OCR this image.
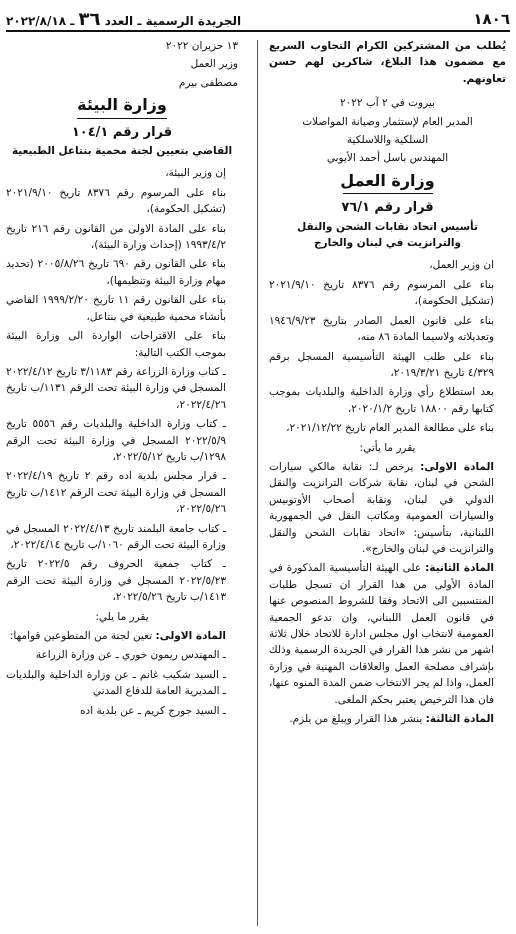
١٨٠٦
الجريدة الرسمية ـ العدد ٣٦ ـ ٢٠٢٢/٨/١٨

يُطلب من المشتركين الكرام التجاوب السريع مع مضمون هذا البلاغ، شاكرين لهم حسن تعاونهم.

بيروت في ٢ آب ٢٠٢٢

المدير العام لإستثمار وصيانة المواصلات

السلكية واللاسلكية

المهندس باسل أحمد الأيوبي

وزارة العمل
قرار رقم ٧٦/١
تأسيس اتحاد نقابات الشحن والنقل والترانزيت في لبنان والخارج

ان وزير العمل،

بناء على المرسوم رقم ٨٣٧٦ تاريخ ٢٠٢١/٩/١٠ (تشكيل الحكومة)،

بناء على قانون العمل الصادر بتاريخ ١٩٤٦/٩/٢٣ وتعديلاته ولاسيما المادة ٨٦ منه،

بناء على طلب الهيئة التأسيسية المسجل برقم ٤/٣٢٩ تاريخ ٢٠١٩/٣/٢١،

بعد استطلاع رأي وزارة الداخلية والبلديات بموجب كتابها رقم ١٨٨٠٠ تاريخ ٢٠٢٠/١/٢،

بناء على مطالعة المدير العام تاريخ ٢٠٢١/١٢/٢٢،

يقرر ما يأتي:

المادة الاولى: يرخص لـ: نقابة مالكي سيارات الشحن في لبنان، نقابة شركات الترانزيت والنقل الدولي في لبنان، ونقابة أصحاب الأوتوبيس والسيارات العمومية ومكاتب النقل في الجمهورية اللبنانية، بتأسيس: «اتحاد نقابات الشحن والنقل والترانزيت في لبنان والخارج».

المادة الثانية: على الهيئة التأسيسية المذكورة في المادة الأولى من هذا القرار ان تسجل طلبات المنتسبين الى الاتحاد وفقا للشروط المنصوص عنها في قانون العمل اللبناني، وان تدعو الجمعية العمومية لانتخاب اول مجلس ادارة للاتحاد خلال ثلاثة اشهر من نشر هذا القرار في الجريدة الرسمية وذلك بإشراف مصلحة العمل والعلاقات المهنية في وزارة العمل، واذا لم يجر الانتخاب ضمن المدة المنوه عنها، فان هذا الترخيص يعتبر بحكم الملغى.

المادة الثالثة: ينشر هذا القرار ويبلغ من يلزم.

١٣ حزيران ٢٠٢٢

وزير العمل

مصطفى بيرم

وزارة البيئة
قرار رقم ١٠٤/١
القاضي بتعيين لجنة محمية بنتاعل الطبيعية

إن وزير البيئة،

بناء على المرسوم رقم ٨٣٧٦ تاريخ ٢٠٢١/٩/١٠ (تشكيل الحكومة)،

بناء على المادة الاولى من القانون رقم ٢١٦ تاريخ ١٩٩٣/٤/٢ (إحداث وزارة البيئة)،

بناء على القانون رقم ٦٩٠ تاريخ ٢٠٠٥/٨/٢٦ (تحديد مهام وزارة البيئة وتنظيمها)،

بناء على القانون رقم ١١ تاريخ ١٩٩٩/٢/٢٠ القاضي بأنشاء محمية طبيعية في بنتاعل،

بناء على الاقتراحات الواردة الى وزارة البيئة بموجب الكتب التالية:

ـ كتاب وزارة الزراعة رقم ٣/١١٨٣ تاريخ ٢٠٢٢/٤/١٢ المسجل في وزارة البيئة تحت الرقم ١١٣١/ب تاريخ ٢٠٢٢/٤/٢٦،

ـ كتاب وزارة الداخلية والبلديات رقم ٥٥٥٦ تاريخ ٢٠٢٢/٥/٩ المسجل في وزارة البيئة تحت الرقم ١٢٩٨/ب تاريخ ٢٠٢٢/٥/١٢،

ـ قرار مجلس بلدية اده رقم ٢ تاريخ ٢٠٢٢/٤/١٩ المسجل في وزارة البيئة تحت الرقم ١٤١٢/ب تاريخ ٢٠٢٢/٥/٢٦،

ـ كتاب جامعة البلمند تاريخ ٢٠٢٢/٤/١٣ المسجل في وزارة البيئة تحت الرقم ١٠٦٠/ب تاريخ ٢٠٢٢/٤/١٤،

ـ كتاب جمعية الحروف رقم ٢٠٢٢/٥ تاريخ ٢٠٢٢/٥/٢٣ المسجل في وزارة البيئة تحت الرقم ١٤١٣/ب تاريخ ٢٠٢٢/٥/٢٦،

يقرر ما يلي:

المادة الاولى: تعين لجنة من المتطوعين قوامها:

ـ المهندس ريمون خوري ـ عن وزارة الزراعة

ـ السيد شكيب غانم ـ عن وزارة الداخلية والبلديات ـ المديرية العامة للدفاع المدني

ـ السيد جورج كريم ـ عن بلدية اده
